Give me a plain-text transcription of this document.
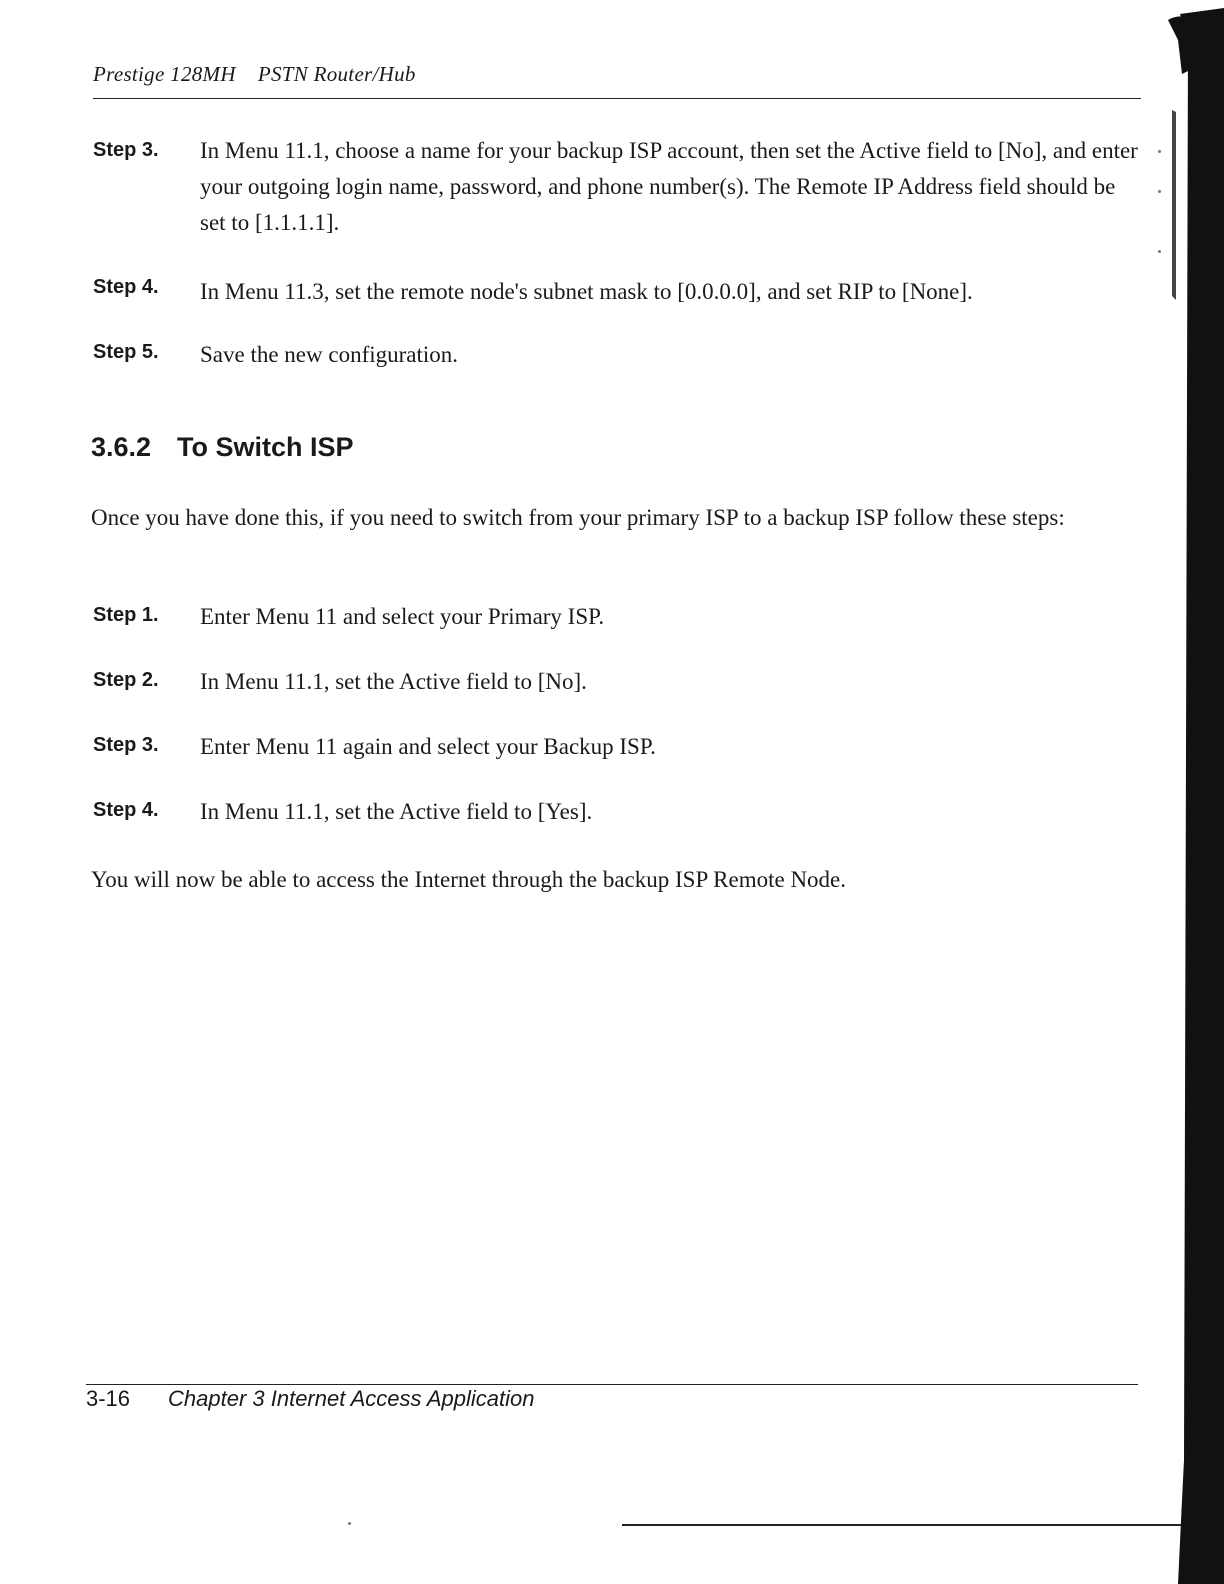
Prestige 128MH PSTN Router/Hub
Step 3. In Menu 11.1, choose a name for your backup ISP account, then set the Active field to [No], and enter your outgoing login name, password, and phone number(s). The Remote IP Address field should be set to [1.1.1.1].
Step 4. In Menu 11.3, set the remote node's subnet mask to [0.0.0.0], and set RIP to [None].
Step 5. Save the new configuration.
3.6.2 To Switch ISP
Once you have done this, if you need to switch from your primary ISP to a backup ISP follow these steps:
Step 1. Enter Menu 11 and select your Primary ISP.
Step 2. In Menu 11.1, set the Active field to [No].
Step 3. Enter Menu 11 again and select your Backup ISP.
Step 4. In Menu 11.1, set the Active field to [Yes].
You will now be able to access the Internet through the backup ISP Remote Node.
3-16 Chapter 3 Internet Access Application
